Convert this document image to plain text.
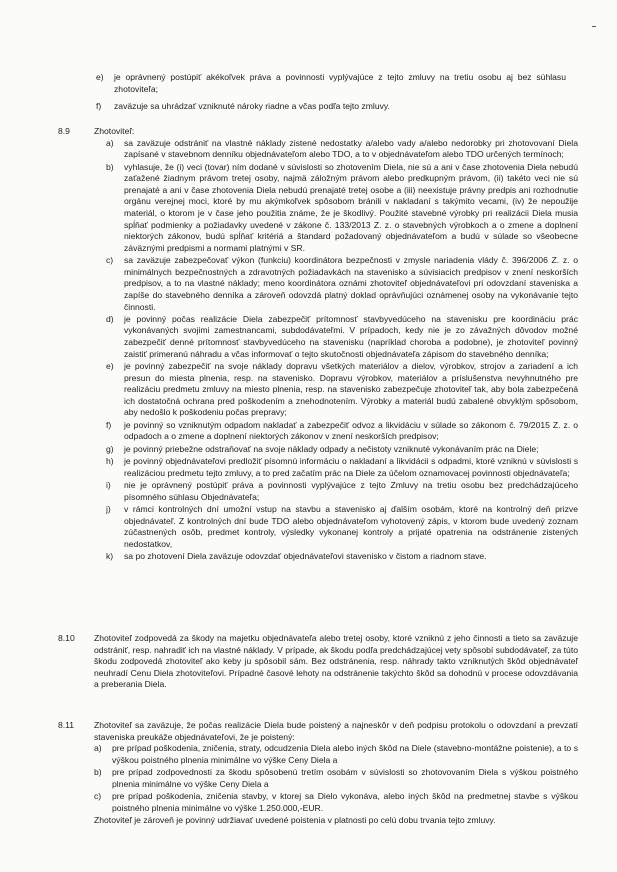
e)	je oprávnený postúpiť akékoľvek práva a povinnosti vyplývajúce z tejto zmluvy na tretiu osobu aj bez súhlasu zhotoviteľa;
f)	zaväzuje sa uhrádzať vzniknuté nároky riadne a včas podľa tejto zmluvy.
8.9	Zhotoviteľ:
a)	sa zaväzuje odstrániť na vlastné náklady zistené nedostatky a/alebo vady a/alebo nedorobky pri zhotovovaní Diela zapísané v stavebnom denníku objednávateľom alebo TDO, a to v objednávateľom alebo TDO určených termínoch;
b)	vyhlasuje, že (i) veci (tovar) ním dodané v súvislosti so zhotovením Diela, nie sú a ani v čase zhotovenia Diela nebudú zaťažené žiadnym právom tretej osoby, najmä záložným právom alebo predkupným právom, (ii) takéto veci nie sú prenajaté a ani v čase zhotovenia Diela nebudú prenajaté tretej osobe a (iii) neexistuje právny predpis ani rozhodnutie orgánu verejnej moci, ktoré by mu akýmkoľvek spôsobom bránili v nakladaní s takýmito vecami, (iv) že nepoužije materiál, o ktorom je v čase jeho použitia známe, že je škodlivý. Použité stavebné výrobky pri realizácii Diela musia spĺňať podmienky a požiadavky uvedené v zákone č. 133/2013 Z. z. o stavebných výrobkoch a o zmene a doplnení niektorých zákonov, budú spĺňať kritériá a štandard požadovaný objednávateľom a budú v súlade so všeobecne záväznými predpismi a normami platnými v SR.
c)	sa zaväzuje zabezpečovať výkon (funkciu) koordinátora bezpečnosti v zmysle nariadenia vlády č. 396/2006 Z. z. o minimálnych bezpečnostných a zdravotných požiadavkách na stavenisko a súvisiacich predpisov v znení neskorších predpisov, a to na vlastné náklady; meno koordinátora oznámi zhotoviteľ objednávateľovi pri odovzdaní staveniska a zapíše do stavebného denníka a zároveň odovzdá platný doklad oprávňujúci oznámenej osoby na vykonávanie tejto činnosti.
d)	je povinný počas realizácie Diela zabezpečiť prítomnosť stavbyvedúceho na stavenisku pre koordináciu prác vykonávaných svojimi zamestnancami, subdodávateľmi. V prípadoch, kedy nie je zo závažných dôvodov možné zabezpečiť denné prítomnosť stavbyvedúceho na stavenisku (napríklad choroba a podobne), je zhotoviteľ povinný zaistiť primeranú náhradu a včas informovať o tejto skutočnosti objednávateľa zápisom do stavebného denníka;
e)	je povinný zabezpečiť na svoje náklady dopravu všetkých materiálov a dielov, výrobkov, strojov a zariadení a ich presun do miesta plnenia, resp. na stavenisko. Dopravu výrobkov, materiálov a príslušenstva nevyhnutného pre realizáciu predmetu zmluvy na miesto plnenia, resp. na stavenisko zabezpečuje zhotoviteľ tak, aby bola zabezpečená ich dostatočná ochrana pred poškodením a znehodnotením. Výrobky a materiál budú zabalené obvyklým spôsobom, aby nedošlo k poškodeniu počas prepravy;
f)	je povinný so vzniknutým odpadom nakladať a zabezpečiť odvoz a likvidáciu v súlade so zákonom č. 79/2015 Z. z. o odpadoch a o zmene a doplnení niektorých zákonov v znení neskorších predpisov;
g)	je povinný priebežne odstraňovať na svoje náklady odpady a nečistoty vzniknuté vykonávaním prác na Diele;
h)	je povinný objednávateľovi predložiť písomnú informáciu o nakladaní a likvidácii s odpadmi, ktoré vzniknú v súvislosti s realizáciou predmetu tejto zmluvy, a to pred začatím prác na Diele za účelom oznamovacej povinnosti objednávateľa;
i)	nie je oprávnený postúpiť práva a povinnosti vyplývajúce z tejto Zmluvy na tretiu osobu bez predchádzajúceho písomného súhlasu Objednávateľa;
j)	v rámci kontrolných dní umožní vstup na stavbu a stavenisko aj ďalším osobám, ktoré na kontrolný deň prizve objednávateľ. Z kontrolných dní bude TDO alebo objednávateľom vyhotovený zápis, v ktorom bude uvedený zoznam zúčastnených osôb, predmet kontroly, výsledky vykonanej kontroly a prijaté opatrenia na odstránenie zistených nedostatkov,
k)	sa po zhotovení Diela zaväzuje odovzdať objednávateľovi stavenisko v čistom a riadnom stave.
8.10	Zhotoviteľ zodpovedá za škody na majetku objednávateľa alebo tretej osoby, ktoré vzniknú z jeho činnosti a tieto sa zaväzuje odstrániť, resp. nahradiť ich na vlastné náklady. V prípade, ak škodu podľa predchádzajúcej vety spôsobí subdodávateľ, za túto škodu zodpovedá zhotoviteľ ako keby ju spôsobil sám. Bez odstránenia, resp. náhrady takto vzniknutých škôd objednávateľ neuhradí Cenu Diela zhotoviteľovi. Prípadné časové lehoty na odstránenie takýchto škôd sa dohodnú v procese odovzdávania a preberania Diela.
8.11	Zhotoviteľ sa zaväzuje, že počas realizácie Diela bude poistený a najneskôr v deň podpisu protokolu o odovzdaní a prevzatí staveniska preukáže objednávateľovi, že je poistený:
a)	pre prípad poškodenia, zničenia, straty, odcudzenia Diela alebo iných škôd na Diele (stavebno-montážne poistenie), a to s výškou poistného plnenia minimálne vo výške Ceny Diela a
b)	pre prípad zodpovednosti za škodu spôsobenú tretím osobám v súvislosti so zhotovovaním Diela s výškou poistného plnenia minimálne vo výške Ceny Diela a
c)	pre prípad poškodenia, zničenia stavby, v ktorej sa Dielo vykonáva, alebo iných škôd na predmetnej stavbe s výškou poistného plnenia minimálne vo výške 1.250.000,-EUR.
Zhotoviteľ je zároveň je povinný udržiavať uvedené poistenia v platnosti po celú dobu trvania tejto zmluvy.
